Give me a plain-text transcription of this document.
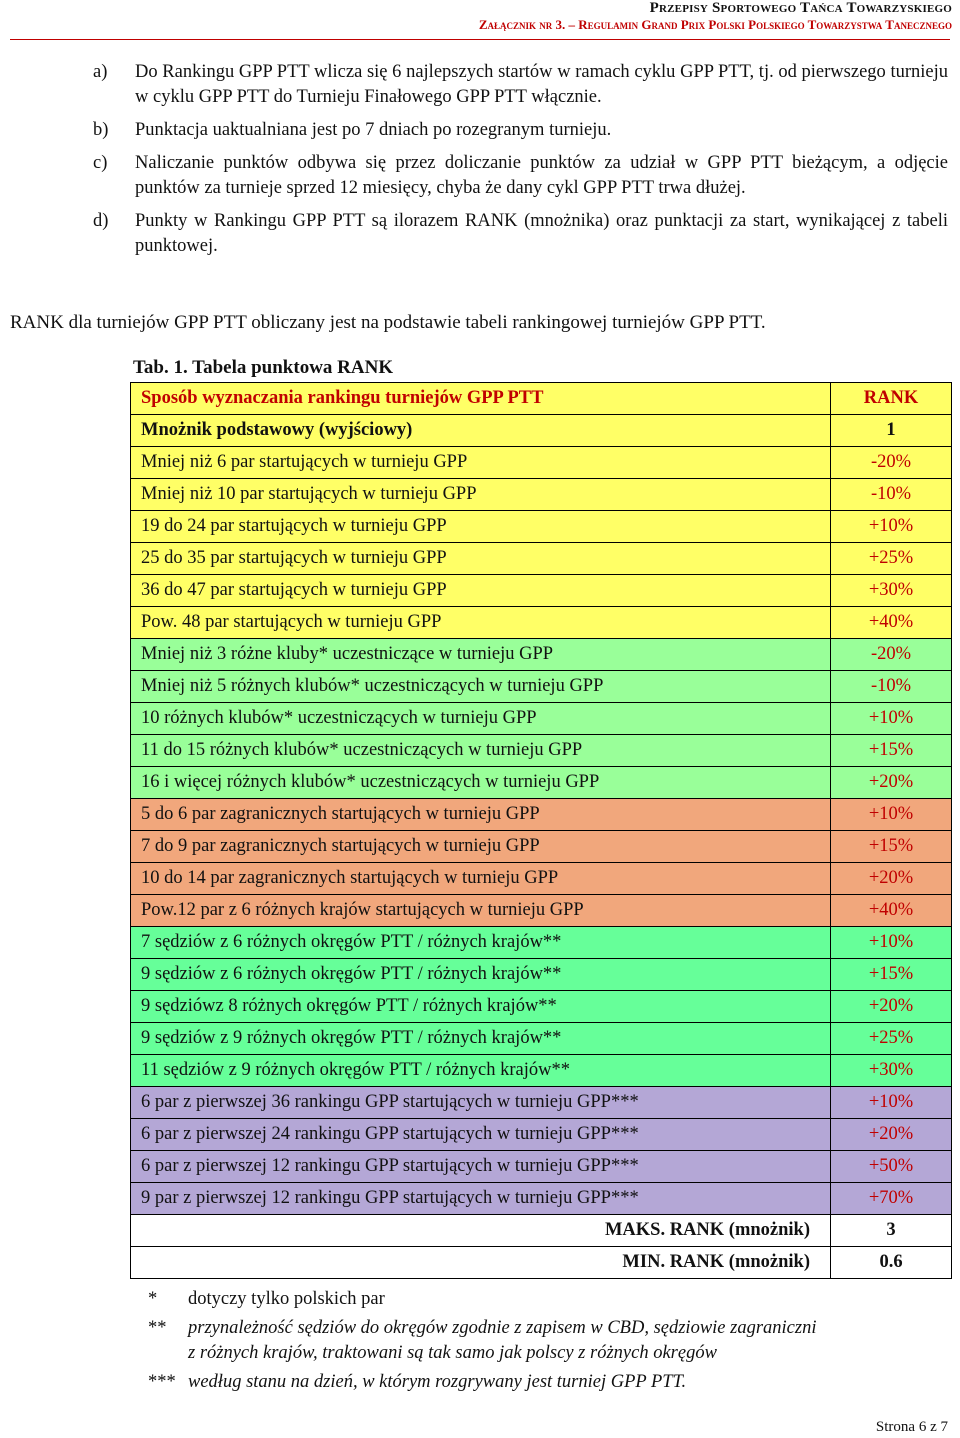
Przepisy Sportowego Tańca Towarzyskiego
Załącznik nr 3. – Regulamin Grand Prix Polski Polskiego Towarzystwa Tanecznego
a) Do Rankingu GPP PTT wlicza się 6 najlepszych startów w ramach cyklu GPP PTT, tj. od pierwszego turnieju w cyklu GPP PTT do Turnieju Finałowego GPP PTT włącznie.
b) Punktacja uaktualniana jest po 7 dniach po rozegranym turnieju.
c) Naliczanie punktów odbywa się przez doliczanie punktów za udział w GPP PTT bieżącym, a odjęcie punktów za turnieje sprzed 12 miesięcy, chyba że dany cykl GPP PTT trwa dłużej.
d) Punkty w Rankingu GPP PTT są ilorazem RANK (mnożnika) oraz punktacji za start, wynikającej z tabeli punktowej.
RANK dla turniejów GPP PTT obliczany jest na podstawie tabeli rankingowej turniejów GPP PTT.
Tab. 1. Tabela punktowa RANK
Sposób wyznaczania rankingu turniejów GPP PTT	RANK
Mnożnik podstawowy (wyjściowy)	1
Mniej niż 6 par startujących w turnieju GPP	-20%
Mniej niż 10 par startujących w turnieju GPP	-10%
19 do 24 par startujących w turnieju GPP	+10%
25 do 35 par startujących w turnieju GPP	+25%
36 do 47 par startujących w turnieju GPP	+30%
Pow. 48 par startujących w turnieju GPP	+40%
Mniej niż 3 różne kluby* uczestniczące w turnieju GPP	-20%
Mniej niż 5 różnych klubów* uczestniczących w turnieju GPP	-10%
10 różnych klubów* uczestniczących w turnieju GPP	+10%
11 do 15 różnych klubów* uczestniczących w turnieju GPP	+15%
16 i więcej różnych klubów* uczestniczących w turnieju GPP	+20%
5 do 6 par zagranicznych startujących w turnieju GPP	+10%
7 do 9 par zagranicznych startujących w turnieju GPP	+15%
10 do 14 par zagranicznych startujących w turnieju GPP	+20%
Pow.12 par z 6 różnych krajów startujących w turnieju GPP	+40%
7 sędziów z 6 różnych okręgów PTT / różnych krajów**	+10%
9 sędziów z 6 różnych okręgów PTT / różnych krajów**	+15%
9 sędziówz 8 różnych okręgów PTT / różnych krajów**	+20%
9 sędziów z 9 różnych okręgów PTT / różnych krajów**	+25%
11 sędziów z 9 różnych okręgów PTT / różnych krajów**	+30%
6 par z pierwszej 36 rankingu GPP startujących w turnieju GPP***	+10%
6 par z pierwszej 24 rankingu GPP startujących w turnieju GPP***	+20%
6 par z pierwszej 12 rankingu GPP startujących w turnieju GPP***	+50%
9 par z pierwszej 12 rankingu GPP startujących w turnieju GPP***	+70%
MAKS. RANK (mnożnik)	3
MIN. RANK (mnożnik)	0.6
* dotyczy tylko polskich par
** przynależność sędziów do okręgów zgodnie z zapisem w CBD, sędziowie zagraniczni
z różnych krajów, traktowani są tak samo jak polscy z różnych okręgów
*** według stanu na dzień, w którym rozgrywany jest turniej GPP PTT.
Strona 6 z 7
